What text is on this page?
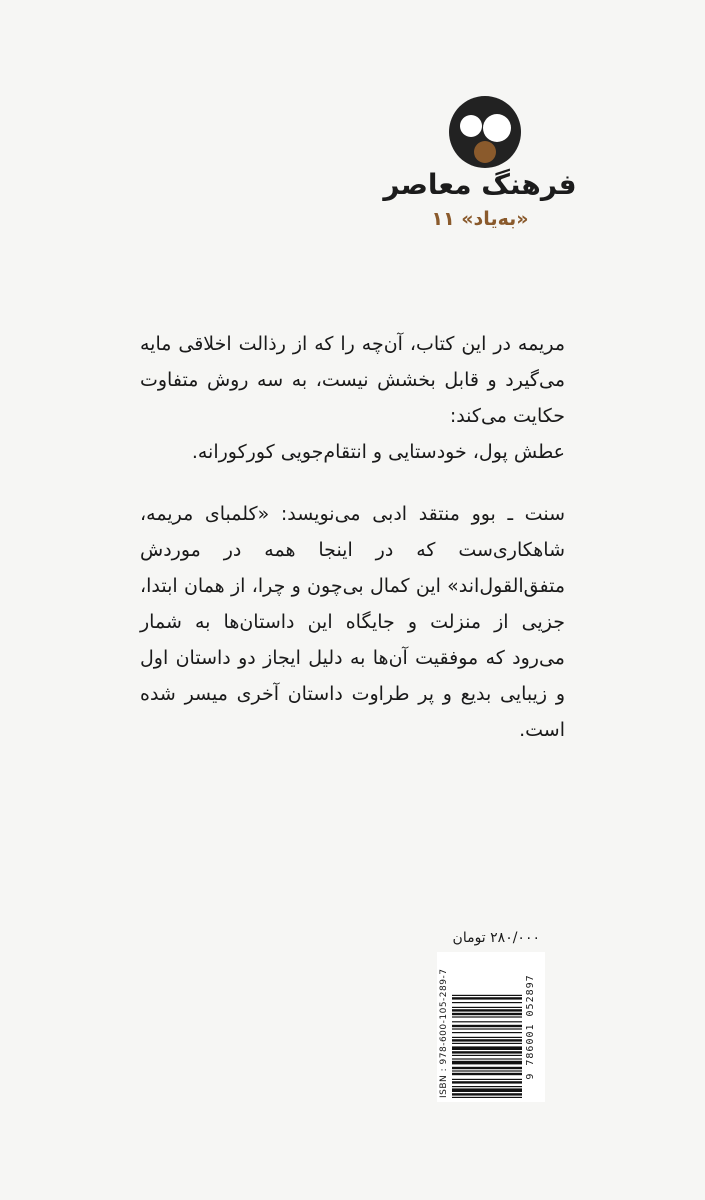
فرهنگ معاصر
«به‌یاد» ۱۱

مریمه در این کتاب، آن‌چه را که از رذالت اخلاقی مایه می‌گیرد و قابل بخشش نیست، به سه روش متفاوت حکایت می‌کند:

عطش پول، خودستایی و انتقام‌جویی کورکورانه.

سنت ـ بوو منتقد ادبی می‌نویسد: «کلمبای مریمه، شاهکاری‌ست که در اینجا همه در موردش متفق‌القول‌اند» این کمال بی‌چون و چرا، از همان ابتدا، جزیی از منزلت و جایگاه این داستان‌ها به شمار می‌رود که موفقیت آن‌ها به دلیل ایجاز دو داستان اول و زیبایی بدیع و پر طراوت داستان آخری میسر شده است.

۲۸۰/۰۰۰ تومان
ISBN : 978-600-105-289-7	9 786001 052897
